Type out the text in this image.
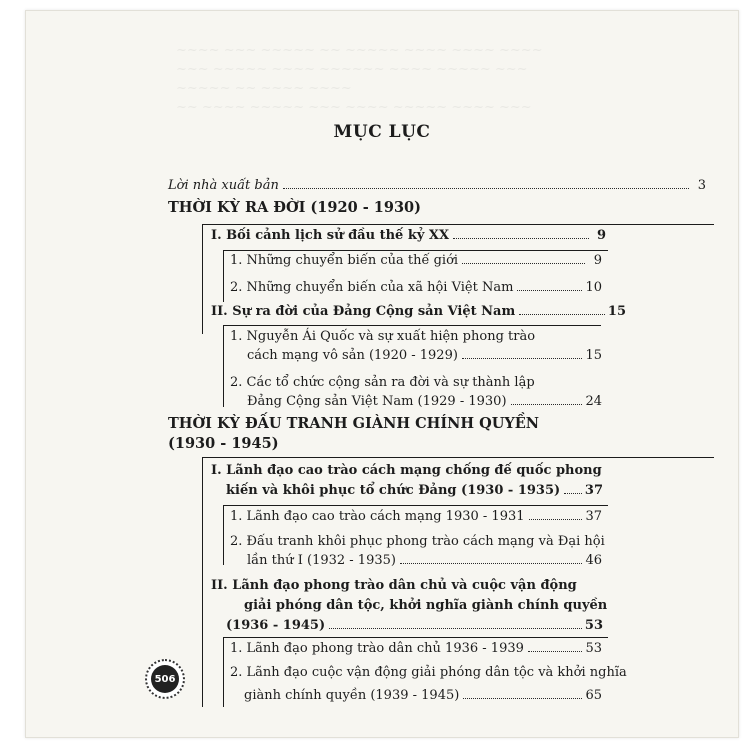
~~~~ ~~~ ~~~~~ ~~ ~~~~~ ~~~~ ~~~~ ~~~~
~~~ ~~~~~ ~~~~ ~~~~~~ ~~~~ ~~~~~ ~~~
~~~~~ ~~ ~~~~ ~~~~
~~ ~~~~ ~~~~~ ~~~ ~~~~ ~~~~~ ~~~~ ~~~
MỤC LỤC
Lời nhà xuất bản	3
THỜI KỲ RA ĐỜI (1920 - 1930)
I. Bối cảnh lịch sử đầu thế kỷ XX	9
1. Những chuyển biến của thế giới	9
2. Những chuyển biến của xã hội Việt Nam	10
II. Sự ra đời của Đảng Cộng sản Việt Nam	15
1. Nguyễn Ái Quốc và sự xuất hiện phong trào
cách mạng vô sản (1920 - 1929)	15
2. Các tổ chức cộng sản ra đời và sự thành lập
Đảng Cộng sản Việt Nam (1929 - 1930)	24
THỜI KỲ ĐẤU TRANH GIÀNH CHÍNH QUYỀN
(1930 - 1945)
I. Lãnh đạo cao trào cách mạng chống đế quốc phong
kiến và khôi phục tổ chức Đảng (1930 - 1935) 37
1. Lãnh đạo cao trào cách mạng 1930 - 1931	37
2. Đấu tranh khôi phục phong trào cách mạng và Đại hội
lần thứ I (1932 - 1935)	46
II. Lãnh đạo phong trào dân chủ và cuộc vận động
giải phóng dân tộc, khởi nghĩa giành chính quyền
(1936 - 1945)	53
1. Lãnh đạo phong trào dân chủ 1936 - 1939	53
2. Lãnh đạo cuộc vận động giải phóng dân tộc và khởi nghĩa
giành chính quyền (1939 - 1945)	65
506
